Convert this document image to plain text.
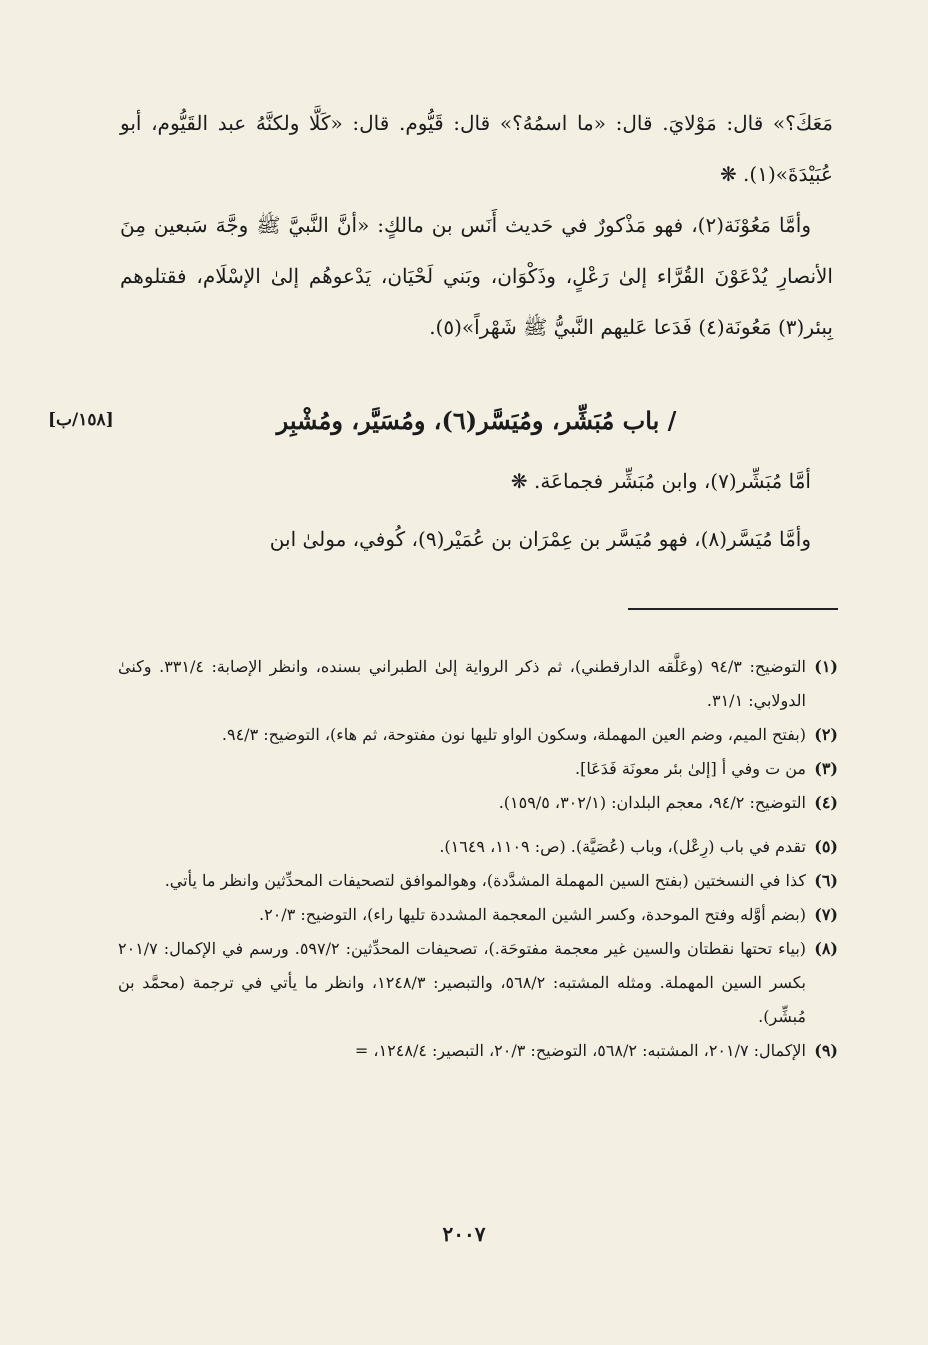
مَعَكَ؟» قال: مَوْلايَ. قال: «ما اسمُهُ؟» قال: قَيُّوم. قال: «كَلَّا ولكنَّهُ عبد القَيُّوم، أبو عُبَيْدَةَ»(١). ❋

وأمَّا مَعُوْنَة(٢)، فهو مَذْكورٌ في حَديث أَنَس بن مالكٍ: «أنَّ النَّبيَّ ﷺ وجَّهَ سَبعين مِنَ الأنصارِ يُدْعَوْنَ القُرَّاء إلىٰ رَعْلٍ، وذَكْوَان، وبَني لَحْيَان، يَدْعوهُم إلىٰ الإسْلَام، فقتلوهم بِبئر(٣) مَعُونَة(٤) فَدَعا عَليهم النَّبيُّ ﷺ شَهْراً»(٥).

/ باب مُبَشِّر، ومُيَسَّر(٦)، ومُسَيَّر، ومُشْبِر
[١٥٨/ب]

أمَّا مُبَشِّر(٧)، وابن مُبَشِّر فجماعَة. ❋

وأمَّا مُيَسَّر(٨)، فهو مُيَسَّر بن عِمْرَان بن عُمَيْر(٩)، كُوفي، مولىٰ ابن

(١)
التوضيح: ٩٤/٣ (وعَلَّقه الدارقطني)، ثم ذكر الرواية إلىٰ الطبراني بسنده، وانظر الإصابة: ٣٣١/٤. وكنىٰ الدولابي: ٣١/١.
(٢)
(بفتح الميم، وضم العين المهملة، وسكون الواو تليها نون مفتوحة، ثم هاء)، التوضيح: ٩٤/٣.
(٣)
من ت وفي أ [إلىٰ بئر معونَة فَدَعَا].
(٤)
التوضيح: ٩٤/٢، معجم البلدان: (٣٠٢/١، ١٥٩/٥).
(٥)
تقدم في باب (رِعْل)، وباب (عُصَيَّة). (ص: ١١٠٩، ١٦٤٩).
(٦)
كذا في النسختين (بفتح السين المهملة المشدَّدة)، وهوالموافق لتصحيفات المحدِّثين وانظر ما يأتي.
(٧)
(بضم أوَّله وفتح الموحدة، وكسر الشين المعجمة المشددة تليها راء)، التوضيح: ٢٠/٣.
(٨)
(بياء تحتها نقطتان والسين غير معجمة مفتوحَة.)، تصحيفات المحدِّثين: ٥٩٧/٢. ورسم في الإكمال: ٢٠١/٧ بكسر السين المهملة. ومثله المشتبه: ٥٦٨/٢، والتبصير: ١٢٤٨/٣، وانظر ما يأتي في ترجمة (محمَّد بن مُبشِّر).
(٩)
الإكمال: ٢٠١/٧، المشتبه: ٥٦٨/٢، التوضيح: ٢٠/٣، التبصير: ١٢٤٨/٤، =
٢٠٠٧
